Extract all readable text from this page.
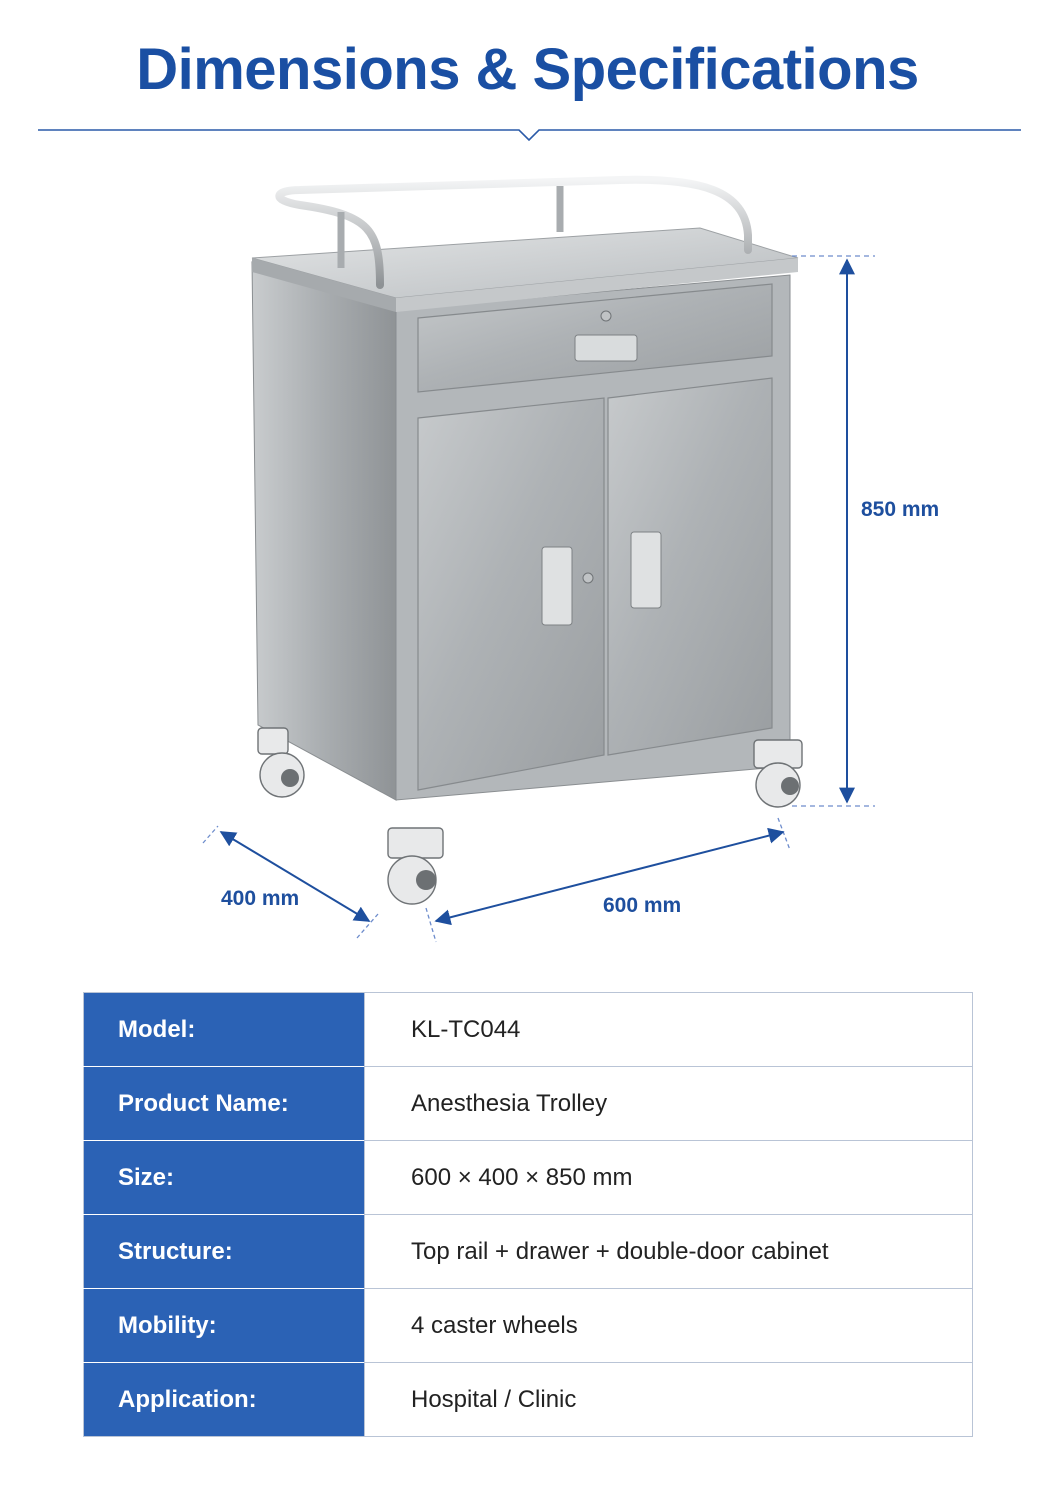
Dimensions & Specifications
850 mm
400 mm	600 mm
Model:	KL-TC044
Product Name:	Anesthesia Trolley
Size:	600 × 400 × 850 mm
Structure:	Top rail + drawer + double-door cabinet
Mobility:	4 caster wheels
Application:	Hospital / Clinic
